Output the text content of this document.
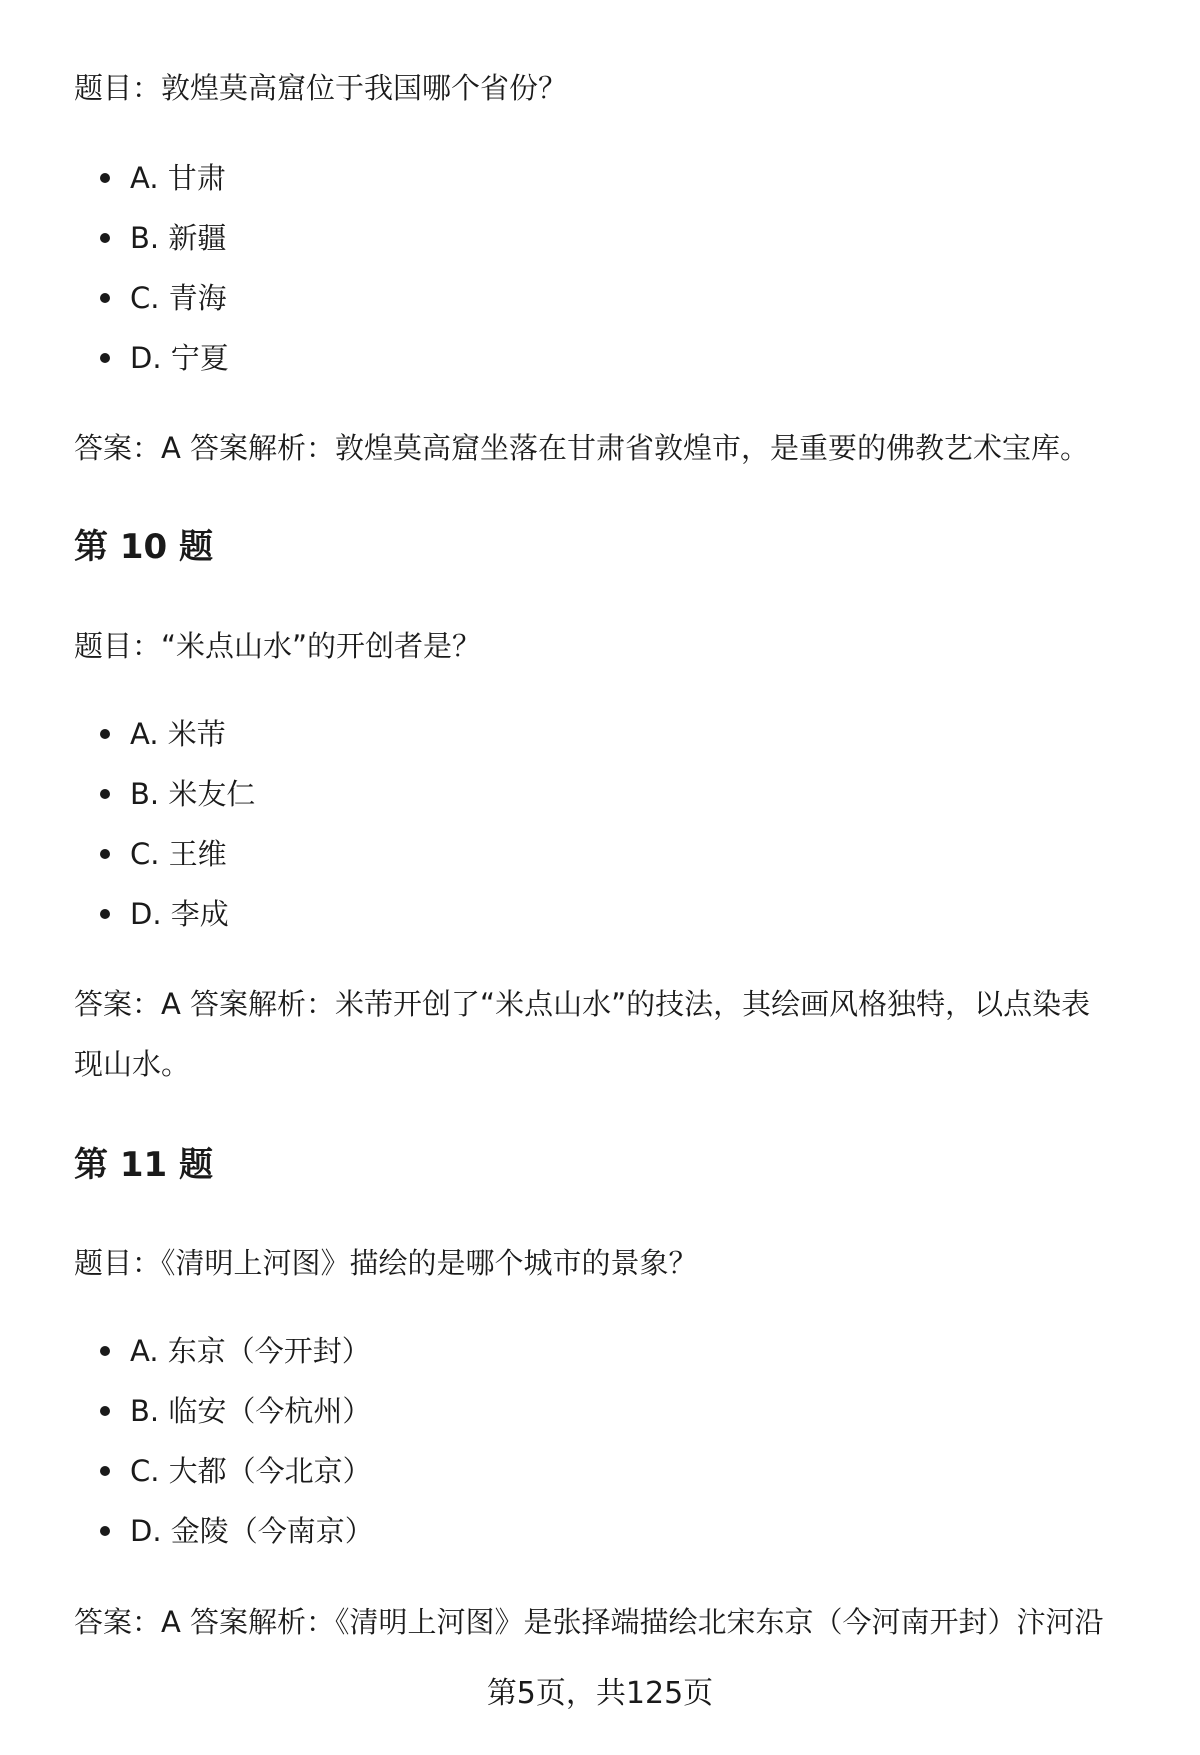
题目：敦煌莫高窟位于我国哪个省份？

A. 甘肃
B. 新疆
C. 青海
D. 宁夏

答案：A 答案解析：敦煌莫高窟坐落在甘肃省敦煌市，是重要的佛教艺术宝库。

第 10 题

题目：“米点山水”的开创者是？

A. 米芾
B. 米友仁
C. 王维
D. 李成

答案：A 答案解析：米芾开创了“米点山水”的技法，其绘画风格独特，以点染表

现山水。

第 11 题

题目：《清明上河图》描绘的是哪个城市的景象？

A. 东京（今开封）
B. 临安（今杭州）
C. 大都（今北京）
D. 金陵（今南京）

答案：A 答案解析：《清明上河图》是张择端描绘北宋东京（今河南开封）汴河沿

第5页，共125页
